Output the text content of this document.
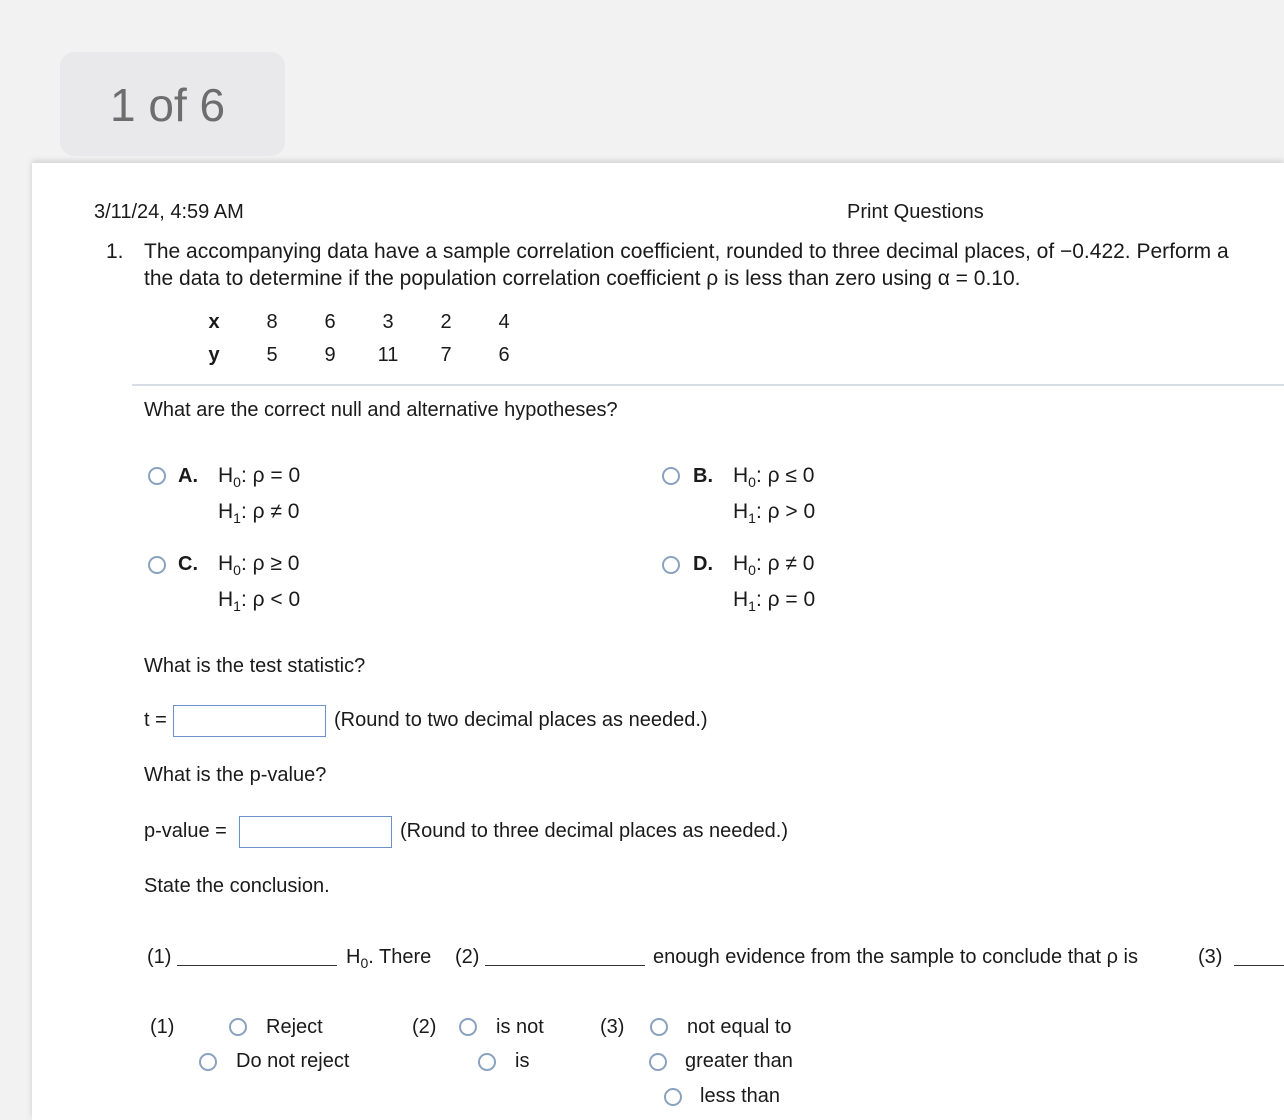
1 of 6
3/11/24, 4:59 AM	Print Questions
1. The accompanying data have a sample correlation coefficient, rounded to three decimal places, of −0.422. Perform a
the data to determine if the population correlation coefficient ρ is less than zero using α = 0.10.
x	8	6	3	2	4
y	5	9	11	7	6
What are the correct null and alternative hypotheses?
A. $H_0$: ρ = 0
$H_1$: ρ ≠ 0
B. $H_0$: ρ ≤ 0
$H_1$: ρ > 0
C. $H_0$: ρ ≥ 0
$H_1$: ρ < 0
D. $H_0$: ρ ≠ 0
$H_1$: ρ = 0
What is the test statistic?
t =	(Round to two decimal places as needed.)
What is the p-value?
p-value =	(Round to three decimal places as needed.)
State the conclusion.
(1)	$H_0$. There (2)	enough evidence from the sample to conclude that ρ is	(3)
(1)	Reject
Do not reject
(2)	is not
is
(3)	not equal to
greater than
less than
